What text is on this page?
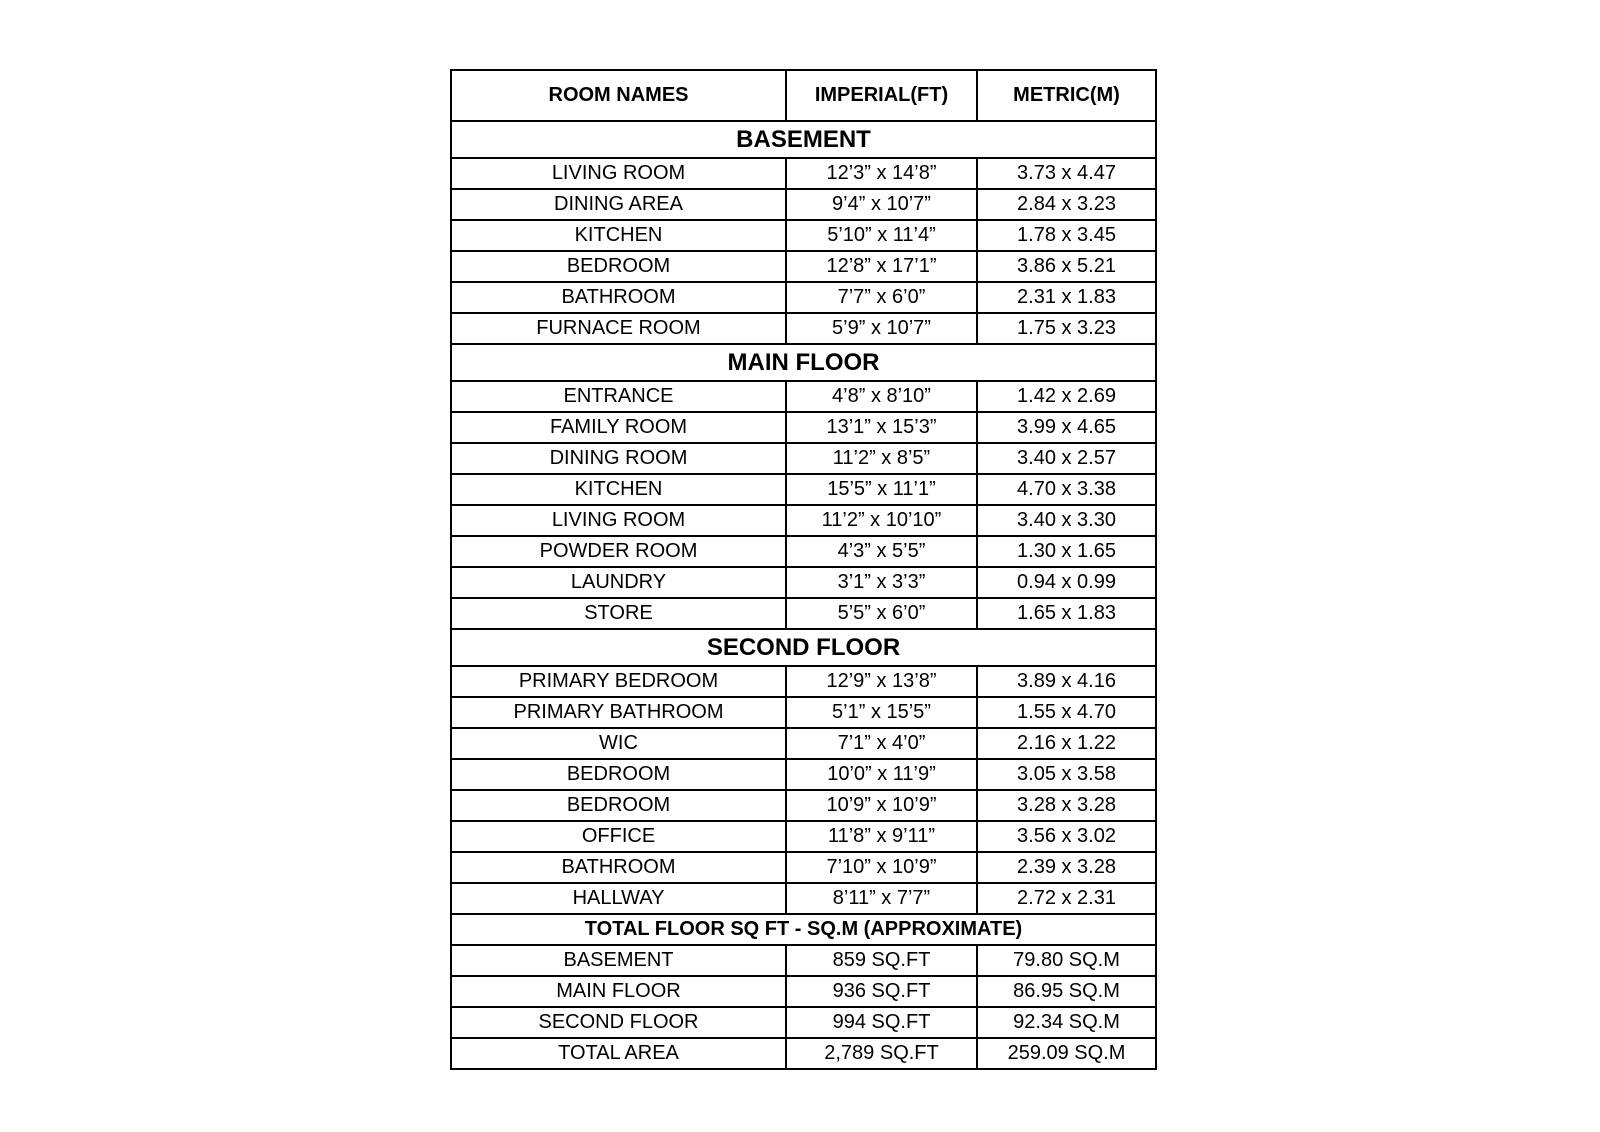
ROOM NAMES	IMPERIAL(FT)	METRIC(M)
BASEMENT		
LIVING ROOM	12’3” x 14’8”	3.73 x 4.47
DINING AREA	9’4” x 10’7”	2.84 x 3.23
KITCHEN	5’10” x 11’4”	1.78 x 3.45
BEDROOM	12’8” x 17’1”	3.86 x 5.21
BATHROOM	7’7” x 6’0”	2.31 x 1.83
FURNACE ROOM	5’9” x 10’7”	1.75 x 3.23
MAIN FLOOR		
ENTRANCE	4’8” x 8’10”	1.42 x 2.69
FAMILY ROOM	13’1” x 15’3”	3.99 x 4.65
DINING ROOM	11’2” x 8’5”	3.40 x 2.57
KITCHEN	15’5” x 11’1”	4.70 x 3.38
LIVING ROOM	11’2” x 10’10”	3.40 x 3.30
POWDER ROOM	4’3” x 5’5”	1.30 x 1.65
LAUNDRY	3’1” x 3’3”	0.94 x 0.99
STORE	5’5” x 6’0”	1.65 x 1.83
SECOND FLOOR		
PRIMARY BEDROOM	12’9” x 13’8”	3.89 x 4.16
PRIMARY BATHROOM	5’1” x 15’5”	1.55 x 4.70
WIC	7’1” x 4’0”	2.16 x 1.22
BEDROOM	10’0” x 11’9”	3.05 x 3.58
BEDROOM	10’9” x 10’9”	3.28 x 3.28
OFFICE	11’8” x 9’11”	3.56 x 3.02
BATHROOM	7’10” x 10’9”	2.39 x 3.28
HALLWAY	8’11” x 7’7”	2.72 x 2.31
TOTAL FLOOR SQ FT - SQ.M (APPROXIMATE)		
BASEMENT	859 SQ.FT	79.80 SQ.M
MAIN FLOOR	936 SQ.FT	86.95 SQ.M
SECOND FLOOR	994 SQ.FT	92.34 SQ.M
TOTAL AREA	2,789 SQ.FT	259.09 SQ.M
